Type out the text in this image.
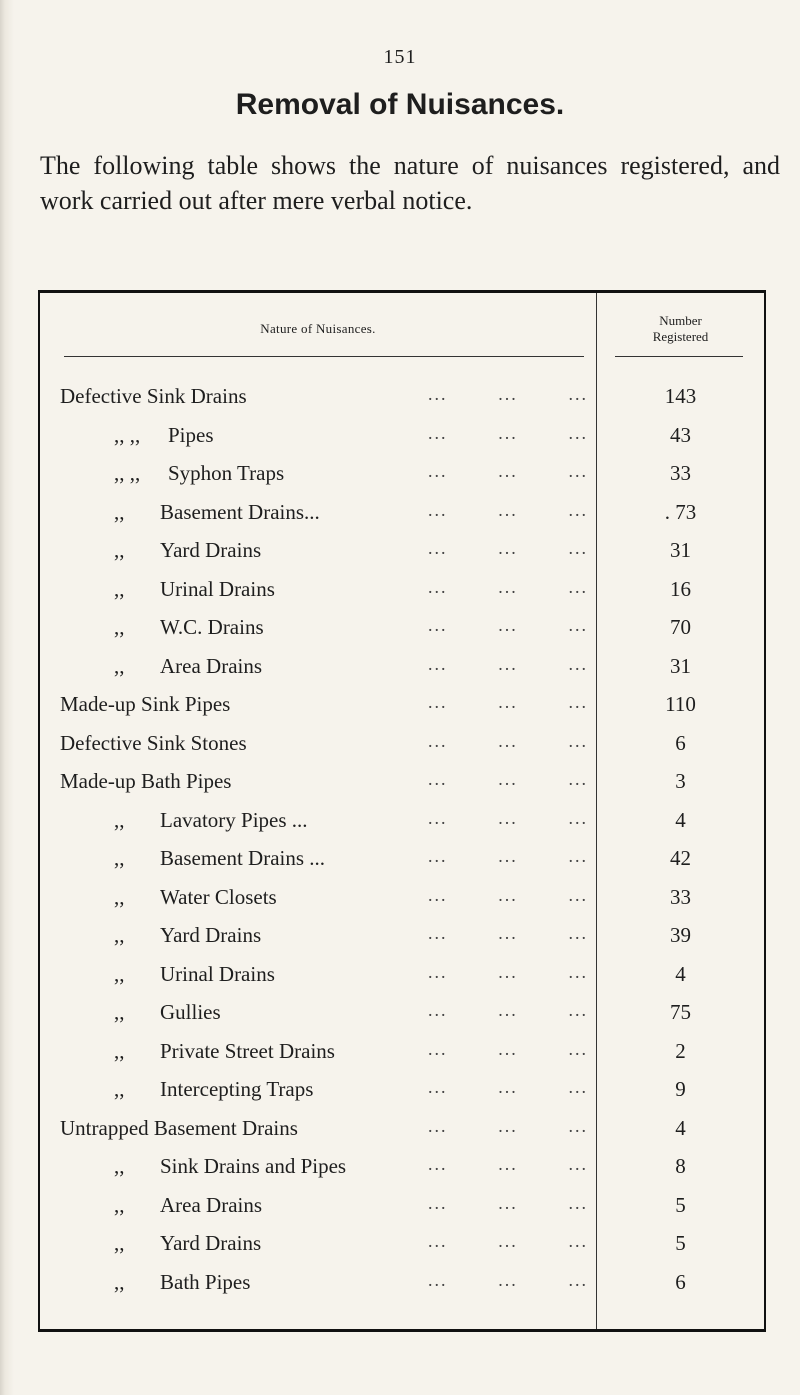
151
Removal of Nuisances.
The following table shows the nature of nuisances registered, and work carried out after mere verbal notice.
Nature of Nuisances.
Number
Registered
Defective Sink Drains	...	...	...	143
,, ,, Pipes	...	...	...	43
,, ,, Syphon Traps	...	...	...	33
,, Basement Drains...	...	...	...	. 73
,, Yard Drains	...	...	...	31
,, Urinal Drains	...	...	...	16
,, W.C. Drains	...	...	...	70
,, Area Drains	...	...	...	31
Made-up Sink Pipes	...	...	...	110
Defective Sink Stones	...	...	...	6
Made-up Bath Pipes	...	...	...	3
,, Lavatory Pipes ...	...	...	...	4
,, Basement Drains ...	...	...	...	42
,, Water Closets	...	...	...	33
,, Yard Drains	...	...	...	39
,, Urinal Drains	...	...	...	4
,, Gullies	...	...	...	75
,, Private Street Drains	...	...	...	2
,, Intercepting Traps	...	...	...	9
Untrapped Basement Drains	...	...	...	4
,, Sink Drains and Pipes	...	...	...	8
,, Area Drains	...	...	...	5
,, Yard Drains	...	...	...	5
,, Bath Pipes	...	...	...	6
